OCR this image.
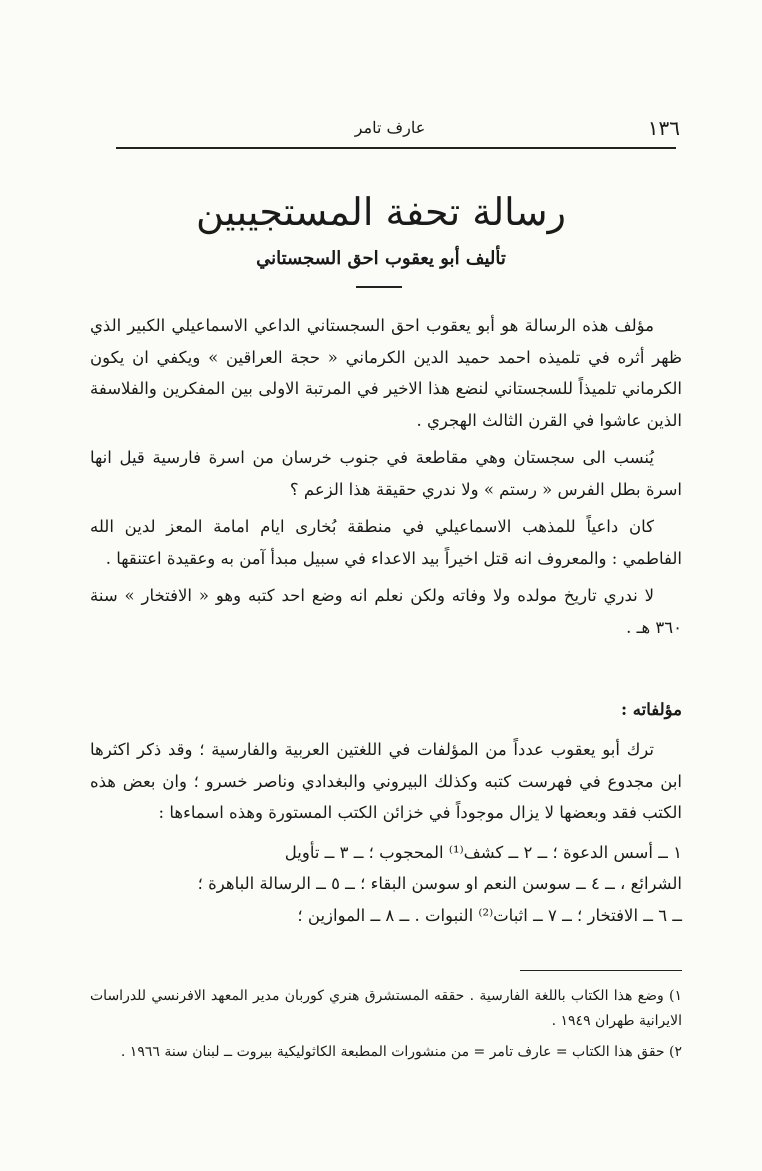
١٣٦
عارف تامر
رسالة تحفة المستجيبين
تأليف أبو يعقوب احق السجستاني

مؤلف هذه الرسالة هو أبو يعقوب احق السجستاني الداعي الاسماعيلي الكبير الذي ظهر أثره في تلميذه احمد حميد الدين الكرماني « حجة العراقين » ويكفي ان يكون الكرماني تلميذاً للسجستاني لنضع هذا الاخير في المرتبة الاولى بين المفكرين والفلاسفة الذين عاشوا في القرن الثالث الهجري .

يُنسب الى سجستان وهي مقاطعة في جنوب خرسان من اسرة فارسية قيل انها اسرة بطل الفرس « رستم » ولا ندري حقيقة هذا الزعم ؟

كان داعياً للمذهب الاسماعيلي في منطقة بُخارى ايام امامة المعز لدين الله الفاطمي : والمعروف انه قتل اخيراً بيد الاعداء في سبيل مبدأ آمن به وعقيدة اعتنقها .

لا ندري تاريخ مولده ولا وفاته ولكن نعلم انه وضع احد كتبه وهو « الافتخار » سنة ٣٦٠ هـ .

مؤلفاته :

ترك أبو يعقوب عدداً من المؤلفات في اللغتين العربية والفارسية ؛ وقد ذكر اكثرها ابن مجدوع في فهرست كتبه وكذلك البيروني والبغدادي وناصر خسرو ؛ وان بعض هذه الكتب فقد وبعضها لا يزال موجوداً في خزائن الكتب المستورة وهذه اسماءها :

١ ــ أسس الدعوة ؛ ــ ٢ ــ كشف⁽¹⁾ المحجوب ؛ ــ ٣ ــ تأويل
الشرائع ، ــ ٤ ــ سوسن النعم او سوسن البقاء ؛ ــ ٥ ــ الرسالة الباهرة ؛
ــ ٦ ــ الافتخار ؛ ــ ٧ ــ اثبات⁽²⁾ النبوات . ــ ٨ ــ الموازين ؛

١) وضع هذا الكتاب باللغة الفارسية . حققه المستشرق هنري كوربان مدير المعهد الافرنسي للدراسات الايرانية طهران ١٩٤٩ .

٢) حقق هذا الكتاب = عارف تامر = من منشورات المطبعة الكاثوليكية بيروت ــ لبنان سنة ١٩٦٦ .
